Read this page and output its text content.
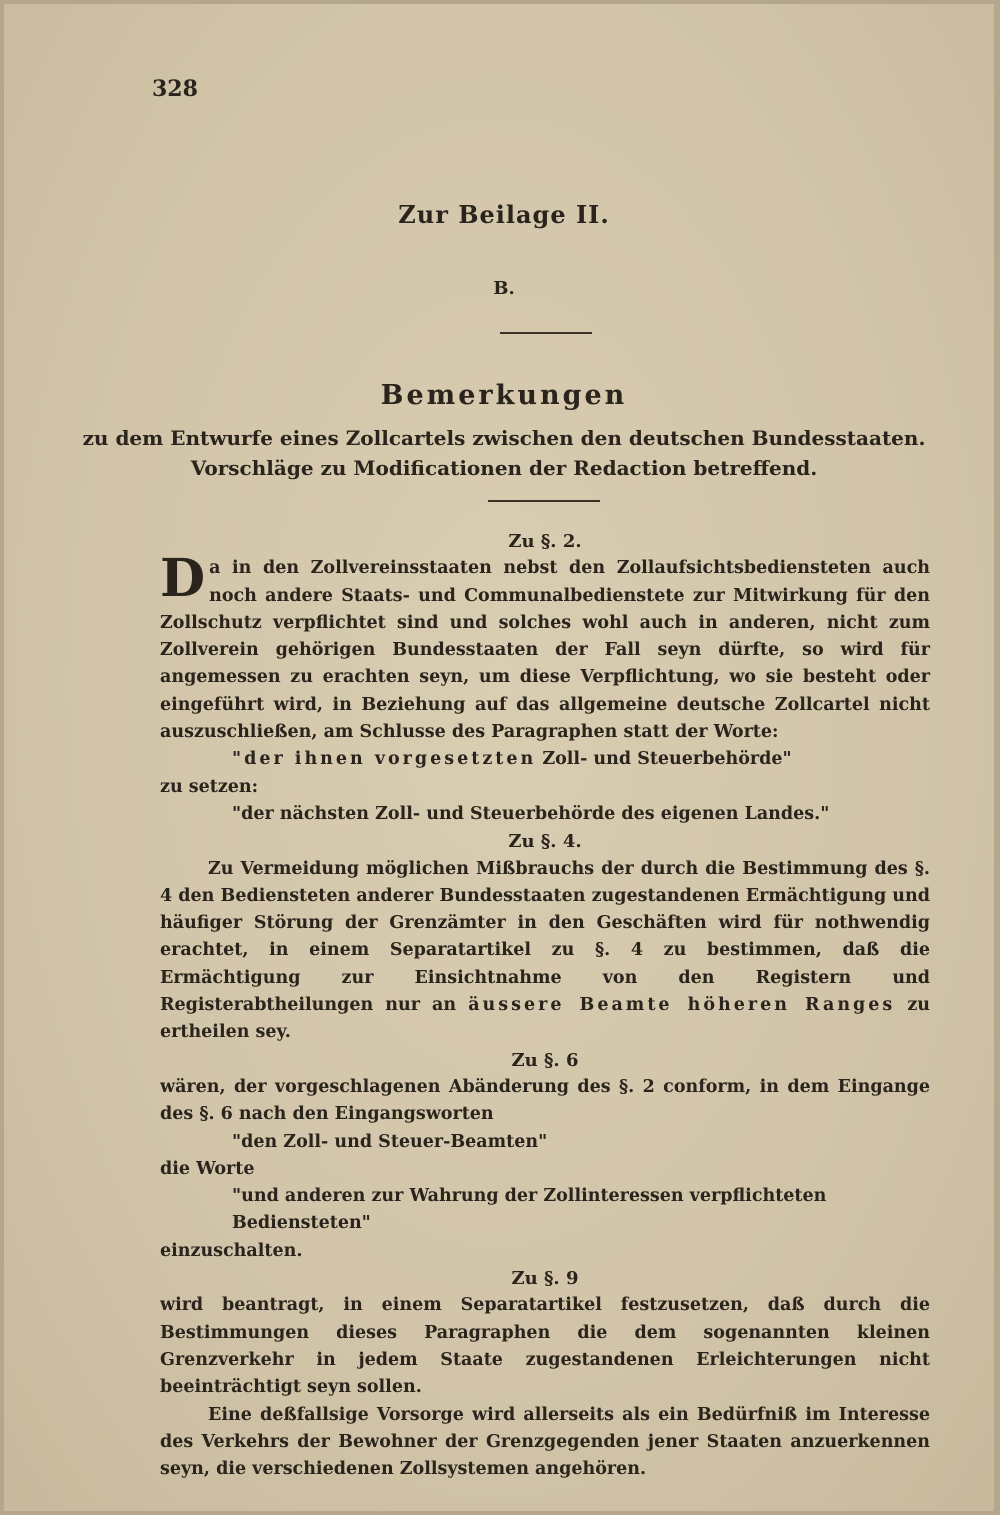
328
Zur Beilage II.
B.
Bemerkungen
zu dem Entwurfe eines Zollcartels zwischen den deutschen Bundesstaaten.
Vorschläge zu Modificationen der Redaction betreffend.

Zu §. 2.

Da in den Zollvereinsstaaten nebst den Zollaufsichtsbediensteten auch noch andere Staats- und Communalbedienstete zur Mitwirkung für den Zollschutz verpflichtet sind und solches wohl auch in anderen, nicht zum Zollverein gehörigen Bundesstaaten der Fall seyn dürfte, so wird für angemessen zu erachten seyn, um diese Verpflichtung, wo sie besteht oder eingeführt wird, in Beziehung auf das allgemeine deutsche Zollcartel nicht auszuschließen, am Schlusse des Paragraphen statt der Worte:

"der ihnen vorgesetzten Zoll- und Steuerbehörde"

zu setzen:

"der nächsten Zoll- und Steuerbehörde des eigenen Landes."

Zu §. 4.

Zu Vermeidung möglichen Mißbrauchs der durch die Bestimmung des §. 4 den Bediensteten anderer Bundesstaaten zugestandenen Ermächtigung und häufiger Störung der Grenzämter in den Geschäften wird für nothwendig erachtet, in einem Separatartikel zu §. 4 zu bestimmen, daß die Ermächtigung zur Einsichtnahme von den Registern und Registerabtheilungen nur an äussere Beamte höheren Ranges zu ertheilen sey.

Zu §. 6

wären, der vorgeschlagenen Abänderung des §. 2 conform, in dem Eingange des §. 6 nach den Eingangsworten

"den Zoll- und Steuer-Beamten"

die Worte

"und anderen zur Wahrung der Zollinteressen verpflichteten Bediensteten"

einzuschalten.

Zu §. 9

wird beantragt, in einem Separatartikel festzusetzen, daß durch die Bestimmungen dieses Paragraphen die dem sogenannten kleinen Grenzverkehr in jedem Staate zugestandenen Erleichterungen nicht beeinträchtigt seyn sollen.

Eine deßfallsige Vorsorge wird allerseits als ein Bedürfniß im Interesse des Verkehrs der Bewohner der Grenzgegenden jener Staaten anzuerkennen seyn, die verschiedenen Zollsystemen angehören.
